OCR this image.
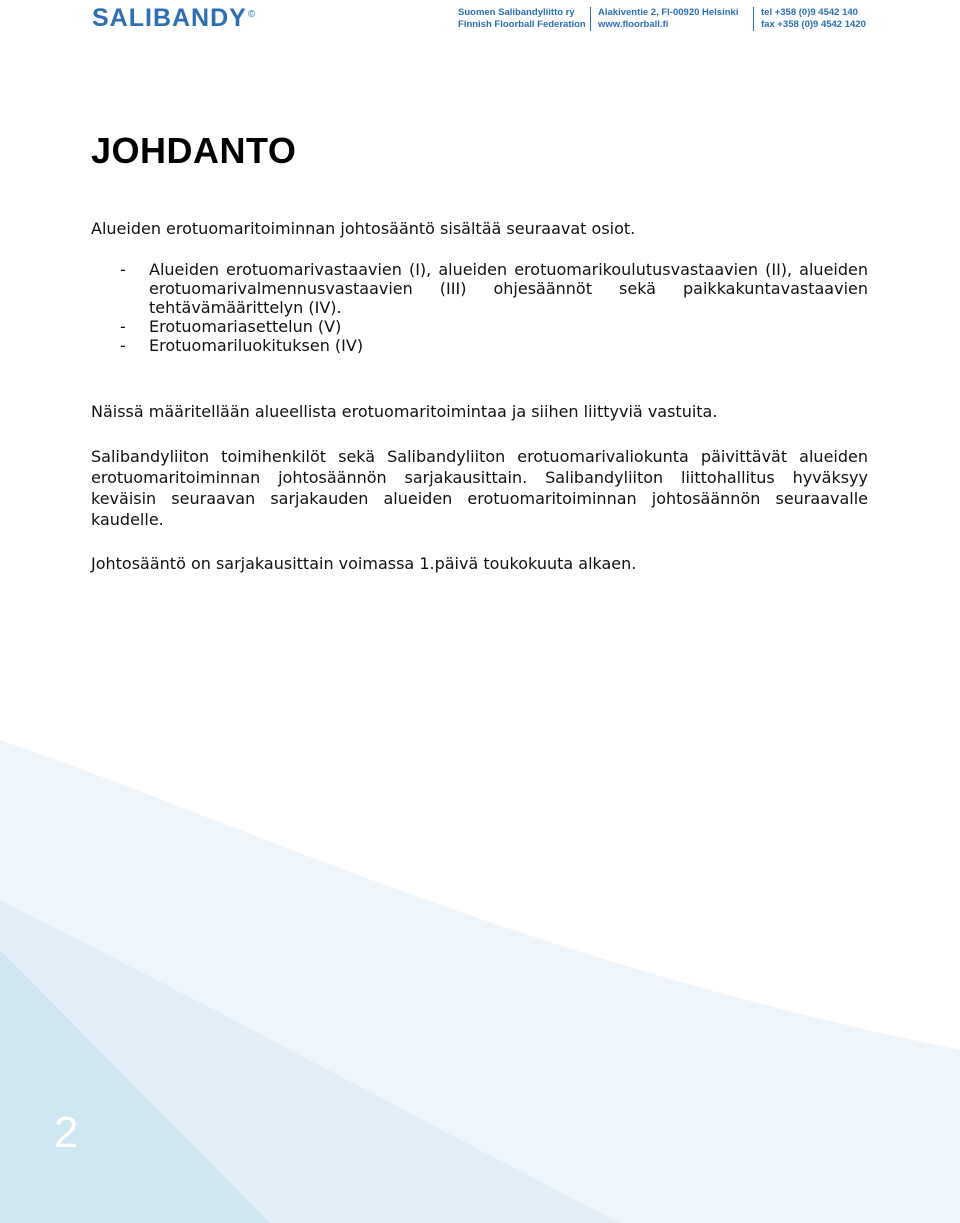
SALIBANDY©	Suomen Salibandyliitto ry
Finnish Floorball Federation
Alakiventie 2, FI-00920 Helsinki
www.floorball.fi
tel +358 (0)9 4542 140
fax +358 (0)9 4542 1420
JOHDANTO

Alueiden erotuomaritoiminnan johtosääntö sisältää seuraavat osiot.

- Alueiden erotuomarivastaavien (I), alueiden erotuomarikoulutusvastaavien (II), alueiden erotuomarivalmennusvastaavien (III) ohjesäännöt sekä paikkakuntavastaavien tehtävämäärittelyn (IV).
- Erotuomariasettelun (V)
- Erotuomariluokituksen (IV)

Näissä määritellään alueellista erotuomaritoimintaa ja siihen liittyviä vastuita.

Salibandyliiton toimihenkilöt sekä Salibandyliiton erotuomarivaliokunta päivittävät alueiden erotuomaritoiminnan johtosäännön sarjakausittain. Salibandyliiton liittohallitus hyväksyy keväisin seuraavan sarjakauden alueiden erotuomaritoiminnan johtosäännön seuraavalle kaudelle.

Johtosääntö on sarjakausittain voimassa 1.päivä toukokuuta alkaen.

2
